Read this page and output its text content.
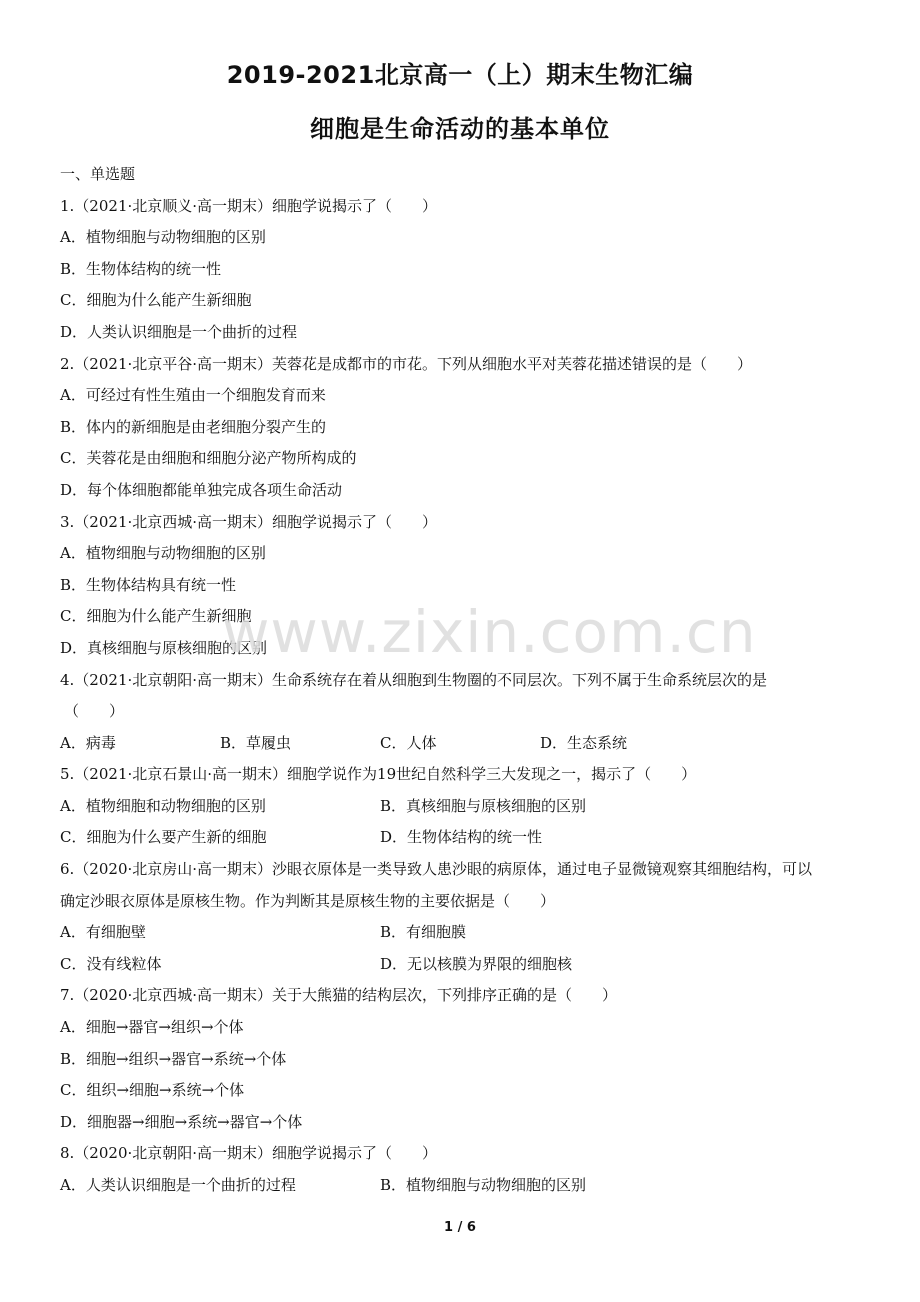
2019-2021北京高一（上）期末生物汇编
细胞是生命活动的基本单位
一、单选题
1.（2021·北京顺义·高一期末）细胞学说揭示了（　　）
A．植物细胞与动物细胞的区别
B．生物体结构的统一性
C．细胞为什么能产生新细胞
D．人类认识细胞是一个曲折的过程
2.（2021·北京平谷·高一期末）芙蓉花是成都市的市花。下列从细胞水平对芙蓉花描述错误的是（　　）
A．可经过有性生殖由一个细胞发育而来
B．体内的新细胞是由老细胞分裂产生的
C．芙蓉花是由细胞和细胞分泌产物所构成的
D．每个体细胞都能单独完成各项生命活动
3.（2021·北京西城·高一期末）细胞学说揭示了（　　）
A．植物细胞与动物细胞的区别
B．生物体结构具有统一性
C．细胞为什么能产生新细胞
D．真核细胞与原核细胞的区别
4.（2021·北京朝阳·高一期末）生命系统存在着从细胞到生物圈的不同层次。下列不属于生命系统层次的是
（　　）
A．病毒	B．草履虫	C．人体	D．生态系统
5.（2021·北京石景山·高一期末）细胞学说作为19世纪自然科学三大发现之一，揭示了（　　）
A．植物细胞和动物细胞的区别	B．真核细胞与原核细胞的区别
C．细胞为什么要产生新的细胞	D．生物体结构的统一性
6.（2020·北京房山·高一期末）沙眼衣原体是一类导致人患沙眼的病原体，通过电子显微镜观察其细胞结构，可以
确定沙眼衣原体是原核生物。作为判断其是原核生物的主要依据是（　　）
A．有细胞壁	B．有细胞膜
C．没有线粒体	D．无以核膜为界限的细胞核
7.（2020·北京西城·高一期末）关于大熊猫的结构层次，下列排序正确的是（　　）
A．细胞→器官→组织→个体
B．细胞→组织→器官→系统→个体
C．组织→细胞→系统→个体
D．细胞器→细胞→系统→器官→个体
8.（2020·北京朝阳·高一期末）细胞学说揭示了（　　）
A．人类认识细胞是一个曲折的过程	B．植物细胞与动物细胞的区别
www.zixin.com.cn
1 / 6
